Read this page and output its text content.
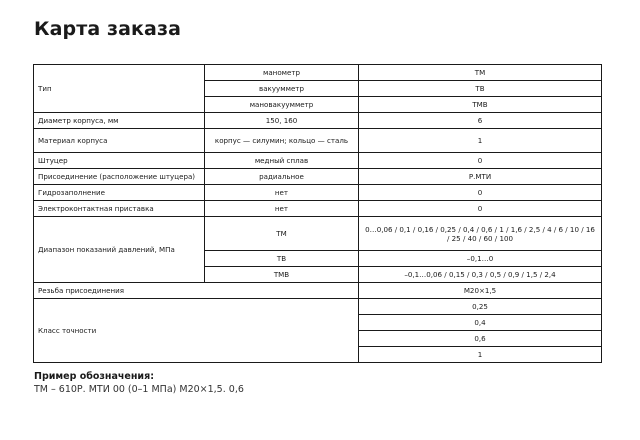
Карта заказа
Тип	манометр	ТМ
	вакуумметр	ТВ
	мановакуумметр	ТМВ
Диаметр корпуса, мм	150, 160	6
Материал корпуса	корпус — силумин; кольцо — сталь	1
Штуцер	медный сплав	0
Присоединение (расположение штуцера)	радиальное	Р.МТИ
Гидрозаполнение	нет	0
Электроконтактная приставка	нет	0
Диапазон показаний давлений, МПа	ТМ	0…0,06 / 0,1 / 0,16 / 0,25 / 0,4 / 0,6 / 1 / 1,6 / 2,5 / 4 / 6 / 10 / 16 / 25 / 40 / 60 / 100
	ТВ	–0,1…0
	ТМВ	–0,1…0,06 / 0,15 / 0,3 / 0,5 / 0,9 / 1,5 / 2,4
Резьба присоединения		М20×1,5
Класс точности		0,25
		0,4
		0,6
		1
Пример обозначения:
ТМ – 610Р. МТИ 00 (0–1 МПа) М20×1,5. 0,6
